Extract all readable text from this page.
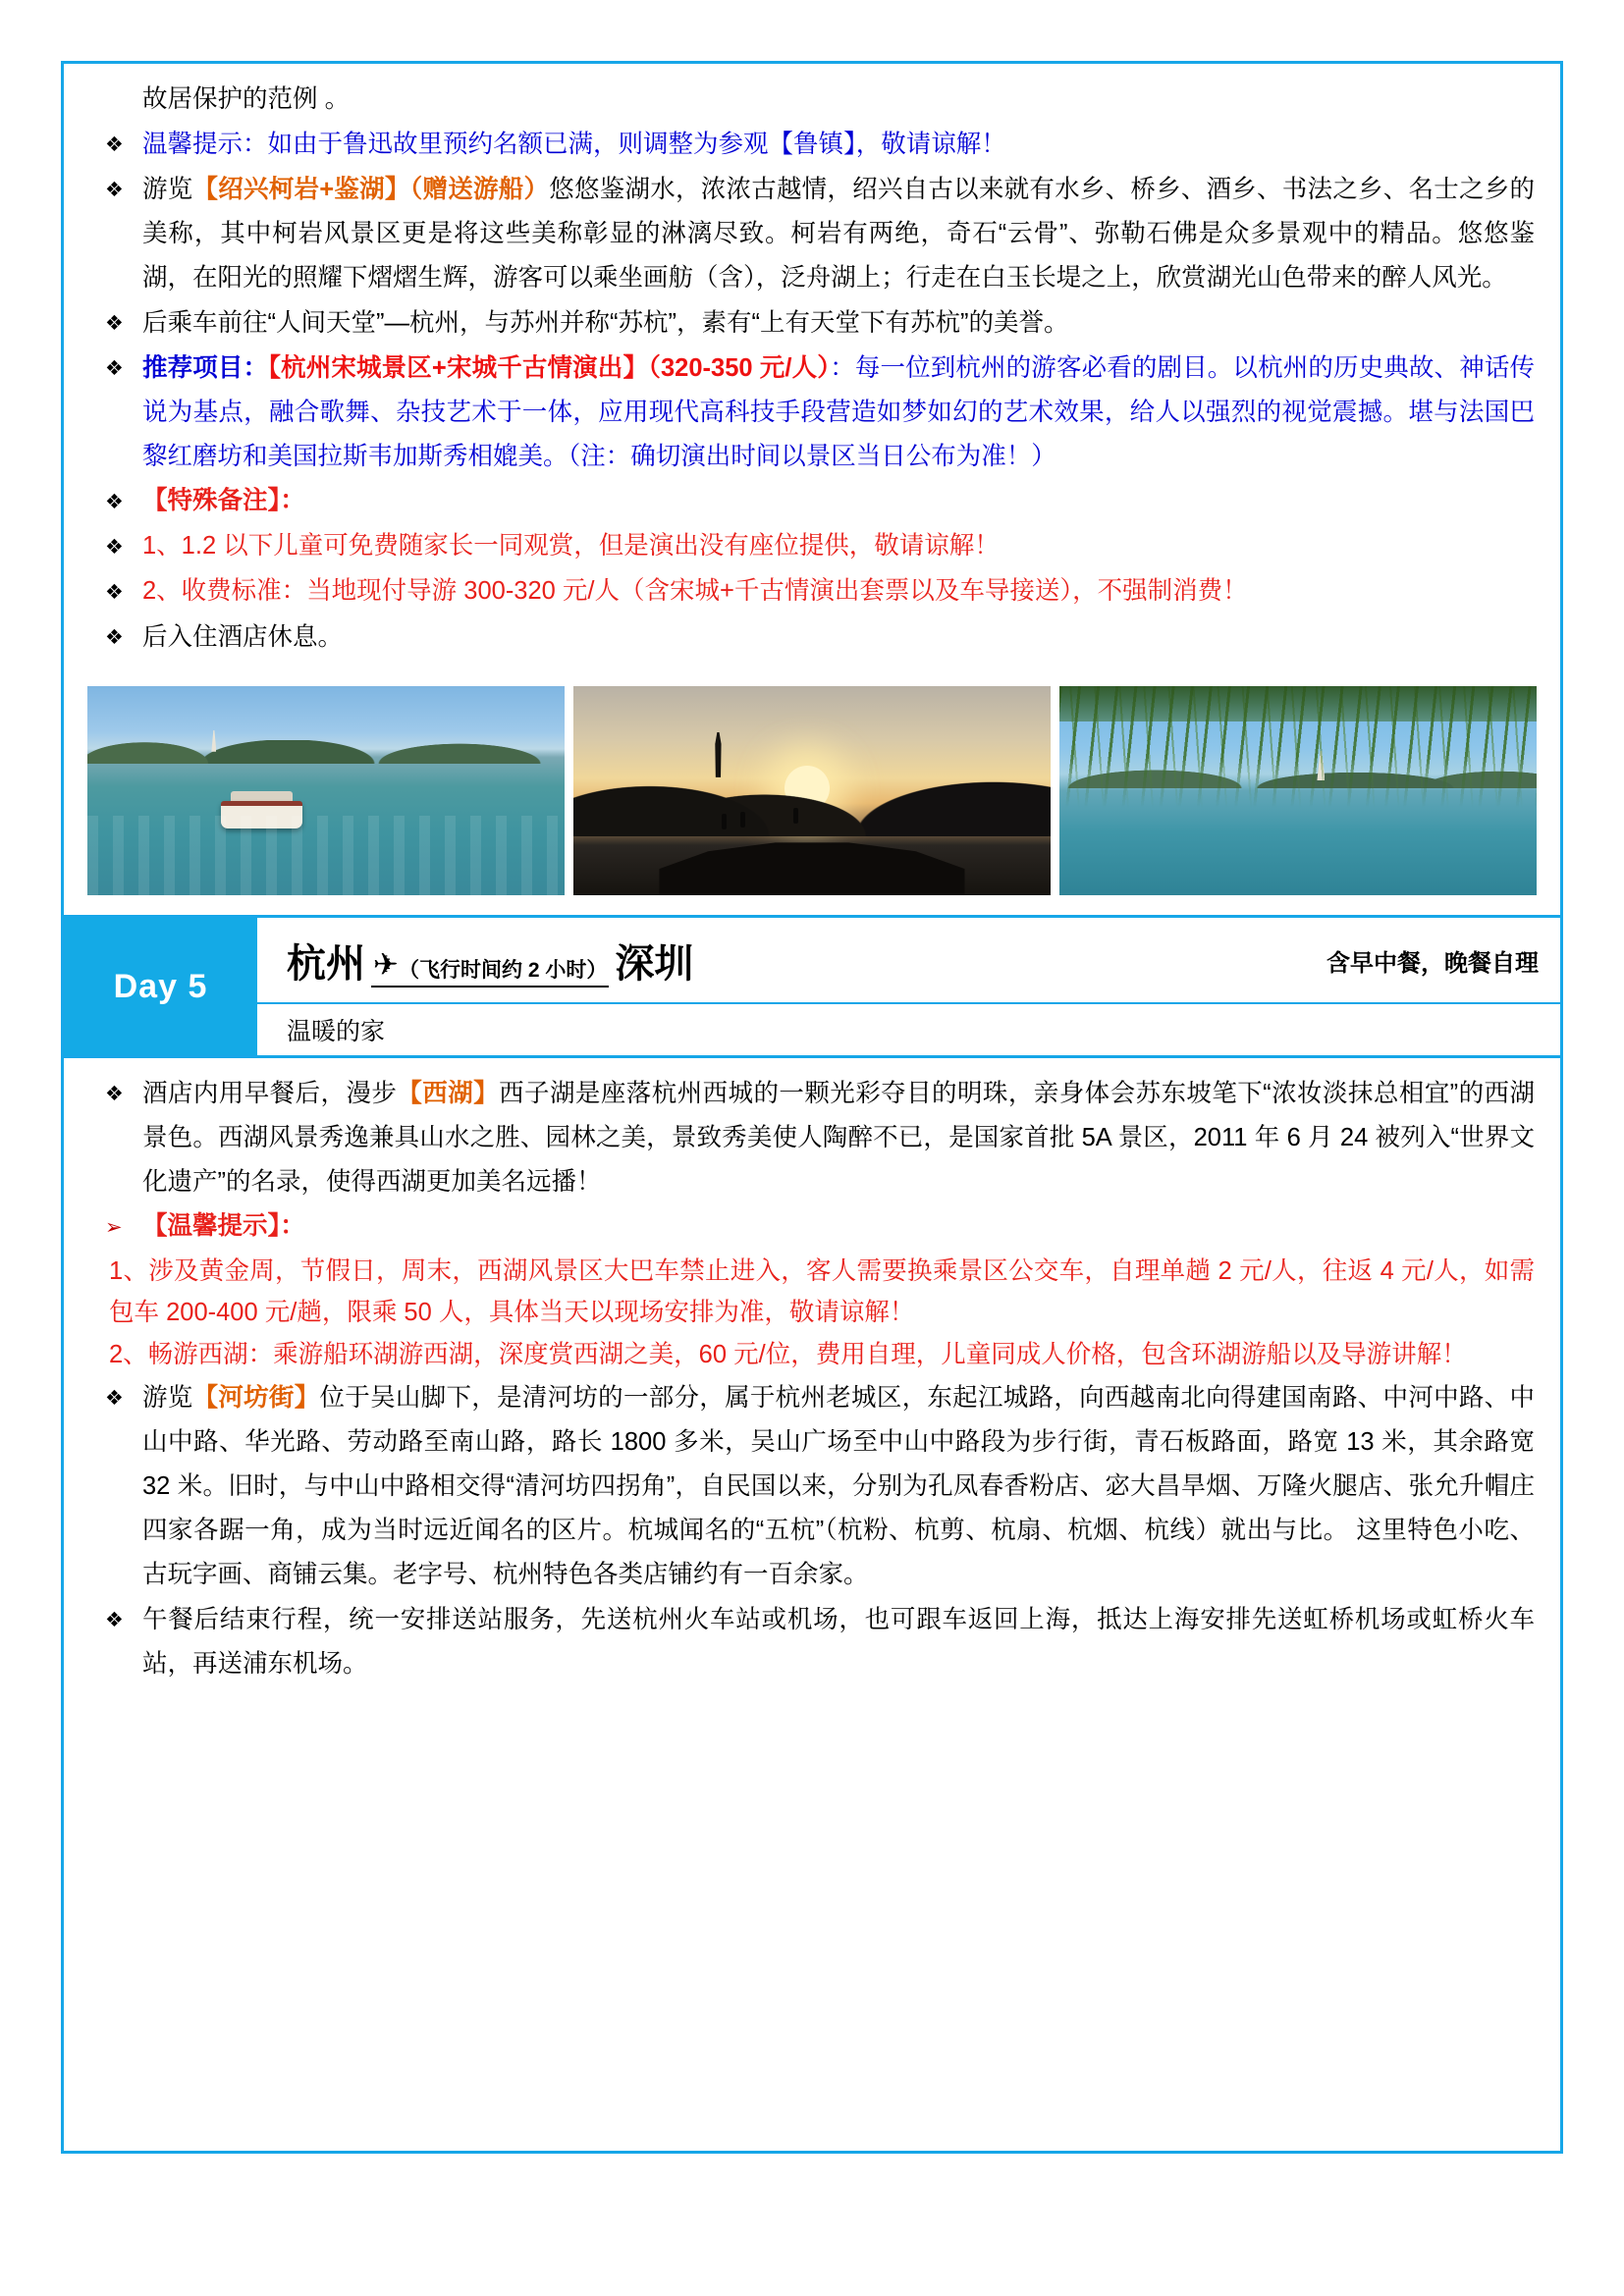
故居保护的范例 。
❖ 温馨提示：如由于鲁迅故里预约名额已满，则调整为参观【鲁镇】，敬请谅解！
❖ 游览【绍兴柯岩+鉴湖】（赠送游船）悠悠鉴湖水，浓浓古越情，绍兴自古以来就有水乡、桥乡、酒乡、书法之乡、名士之乡的美称，其中柯岩风景区更是将这些美称彰显的淋漓尽致。柯岩有两绝，奇石“云骨”、弥勒石佛是众多景观中的精品。悠悠鉴湖，在阳光的照耀下熠熠生辉，游客可以乘坐画舫（含），泛舟湖上；行走在白玉长堤之上，欣赏湖光山色带来的醉人风光。
❖ 后乘车前往“人间天堂”—杭州，与苏州并称“苏杭”，素有“上有天堂下有苏杭”的美誉。
❖ 推荐项目：【杭州宋城景区+宋城千古情演出】（320-350 元/人）：每一位到杭州的游客必看的剧目。以杭州的历史典故、神话传说为基点，融合歌舞、杂技艺术于一体，应用现代高科技手段营造如梦如幻的艺术效果，给人以强烈的视觉震撼。堪与法国巴黎红磨坊和美国拉斯韦加斯秀相媲美。（注：确切演出时间以景区当日公布为准！）
❖ 【特殊备注】：
❖ 1、1.2 以下儿童可免费随家长一同观赏，但是演出没有座位提供，敬请谅解！
❖ 2、收费标准：当地现付导游 300-320 元/人（含宋城+千古情演出套票以及车导接送），不强制消费！
❖ 后入住酒店休息。
Day 5
杭州 ✈ （飞行时间约 2 小时） 深圳	含早中餐，晚餐自理
温暖的家
❖ 酒店内用早餐后，漫步【西湖】西子湖是座落杭州西城的一颗光彩夺目的明珠，亲身体会苏东坡笔下“浓妆淡抹总相宜”的西湖景色。西湖风景秀逸兼具山水之胜、园林之美，景致秀美使人陶醉不已，是国家首批 5A 景区，2011 年 6 月 24 被列入“世界文化遗产”的名录，使得西湖更加美名远播！
➢ 【温馨提示】：
1、涉及黄金周，节假日，周末，西湖风景区大巴车禁止进入，客人需要换乘景区公交车，自理单趟 2 元/人，往返 4 元/人，如需包车 200-400 元/趟，限乘 50 人，具体当天以现场安排为准，敬请谅解！
2、畅游西湖：乘游船环湖游西湖，深度赏西湖之美，60 元/位，费用自理，儿童同成人价格，包含环湖游船以及导游讲解！
❖ 游览【河坊街】位于吴山脚下，是清河坊的一部分，属于杭州老城区，东起江城路，向西越南北向得建国南路、中河中路、中山中路、华光路、劳动路至南山路，路长 1800 多米，吴山广场至中山中路段为步行街，青石板路面，路宽 13 米，其余路宽 32 米。旧时，与中山中路相交得“清河坊四拐角”，自民国以来，分别为孔凤春香粉店、宓大昌旱烟、万隆火腿店、张允升帽庄四家各踞一角，成为当时远近闻名的区片。杭城闻名的“五杭”（杭粉、杭剪、杭扇、杭烟、杭线）就出与比。 这里特色小吃、 古玩字画、商铺云集。老字号、杭州特色各类店铺约有一百余家。
❖ 午餐后结束行程，统一安排送站服务，先送杭州火车站或机场，也可跟车返回上海，抵达上海安排先送虹桥机场或虹桥火车站，再送浦东机场。
